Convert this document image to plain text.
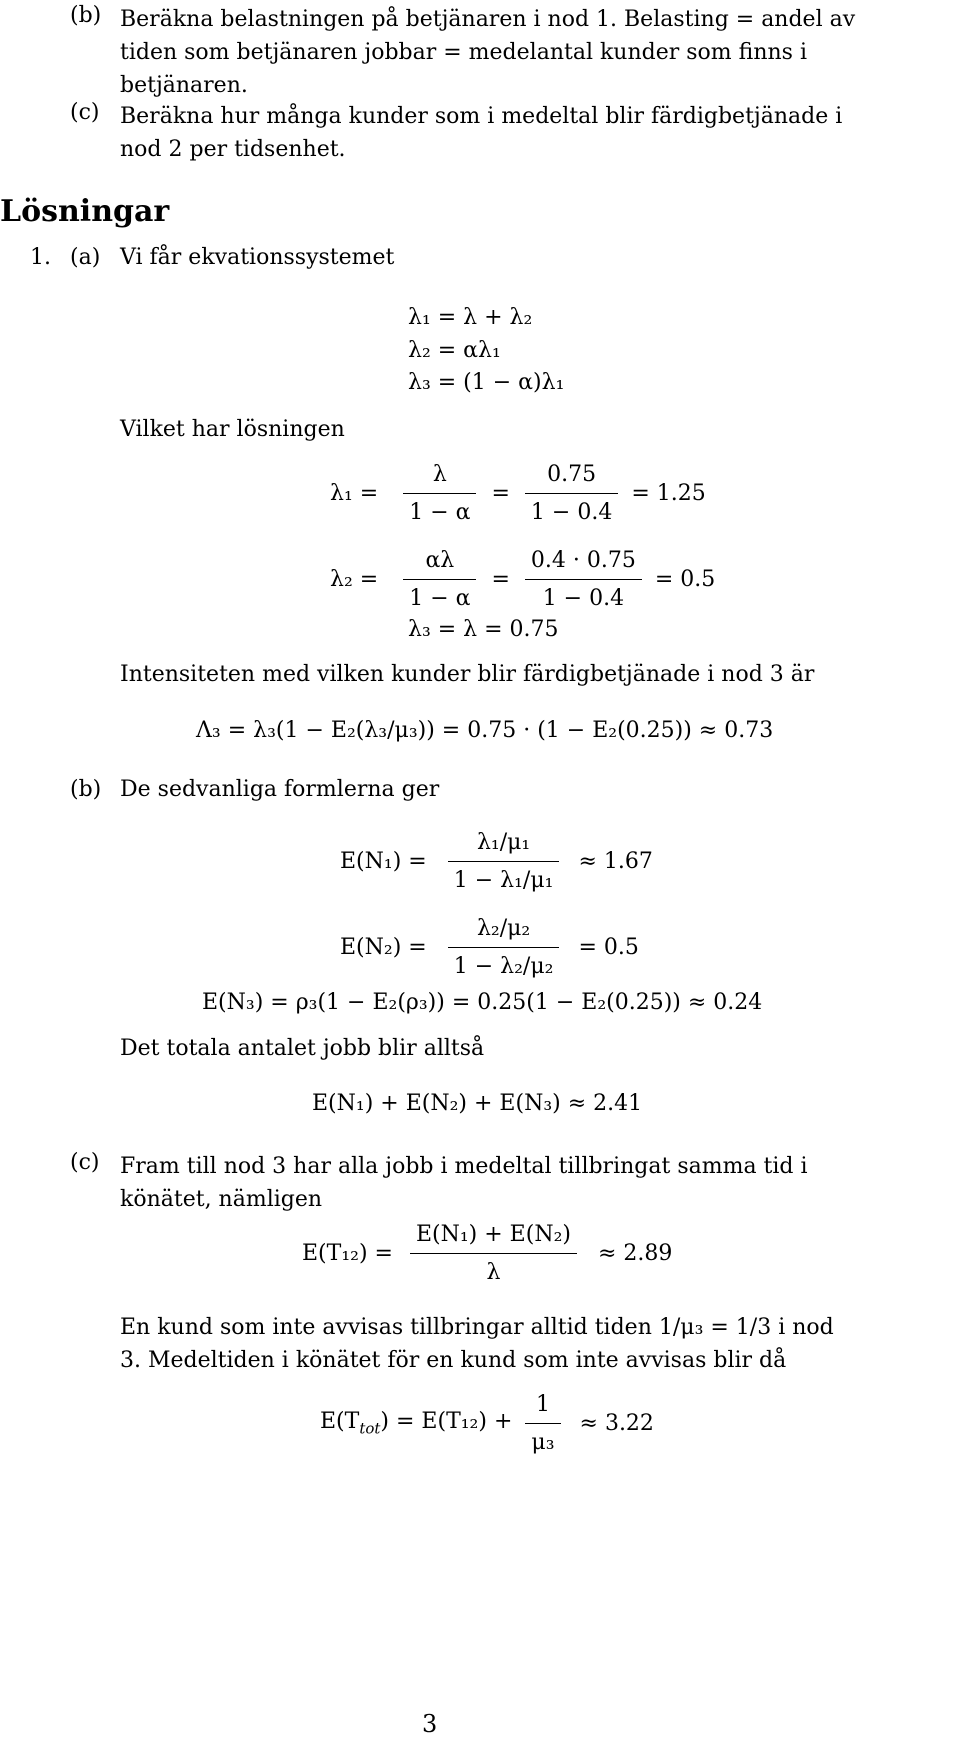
(b) Beräkna belastningen på betjänaren i nod 1. Belasting = andel av tiden som betjänaren jobbar = medelantal kunder som finns i betjänaren.
(c) Beräkna hur många kunder som i medeltal blir färdigbetjänade i nod 2 per tidsenhet.
Lösningar
1. (a) Vi får ekvationssystemet
λ₁ = λ + λ₂
λ₂ = αλ₁
λ₃ = (1 − α)λ₁
Vilket har lösningen
$\lambda_1 = \frac{\lambda}{1 - \alpha} = \frac{0.75}{1 - 0.4} = 1.25$
$\lambda_2 = \frac{\alpha\lambda}{1 - \alpha} = \frac{0.4 \cdot 0.75}{1 - 0.4} = 0.5$
λ₃ = λ = 0.75
Intensiteten med vilken kunder blir färdigbetjänade i nod 3 är
Λ₃ = λ₃(1 − E₂(λ₃/μ₃)) = 0.75 · (1 − E₂(0.25)) ≈ 0.73
(b) De sedvanliga formlerna ger
$E(N_1) = \frac{\text{λ₁/μ₁}}{\text{1 − λ₁/μ₁}} \approx 1.67$
$E(N_2) = \frac{\text{λ₂/μ₂}}{\text{1 − λ₂/μ₂}} = 0.5$
E(N₃) = ρ₃(1 − E₂(ρ₃)) = 0.25(1 − E₂(0.25)) ≈ 0.24
Det totala antalet jobb blir alltså
E(N₁) + E(N₂) + E(N₃) ≈ 2.41
(c) Fram till nod 3 har alla jobb i medeltal tillbringat samma tid i könätet, nämligen
$E(T_{12}) = \frac{\text{E(N₁) + E(N₂)}}{\lambda} \approx 2.89$
En kund som inte avvisas tillbringar alltid tiden 1/μ₃ = 1/3 i nod 3. Medeltiden i könätet för en kund som inte avvisas blir då
$E(T_{tot}) = E(T_{12}) + \frac{1}{\text{μ₃}} \approx 3.22$
3
